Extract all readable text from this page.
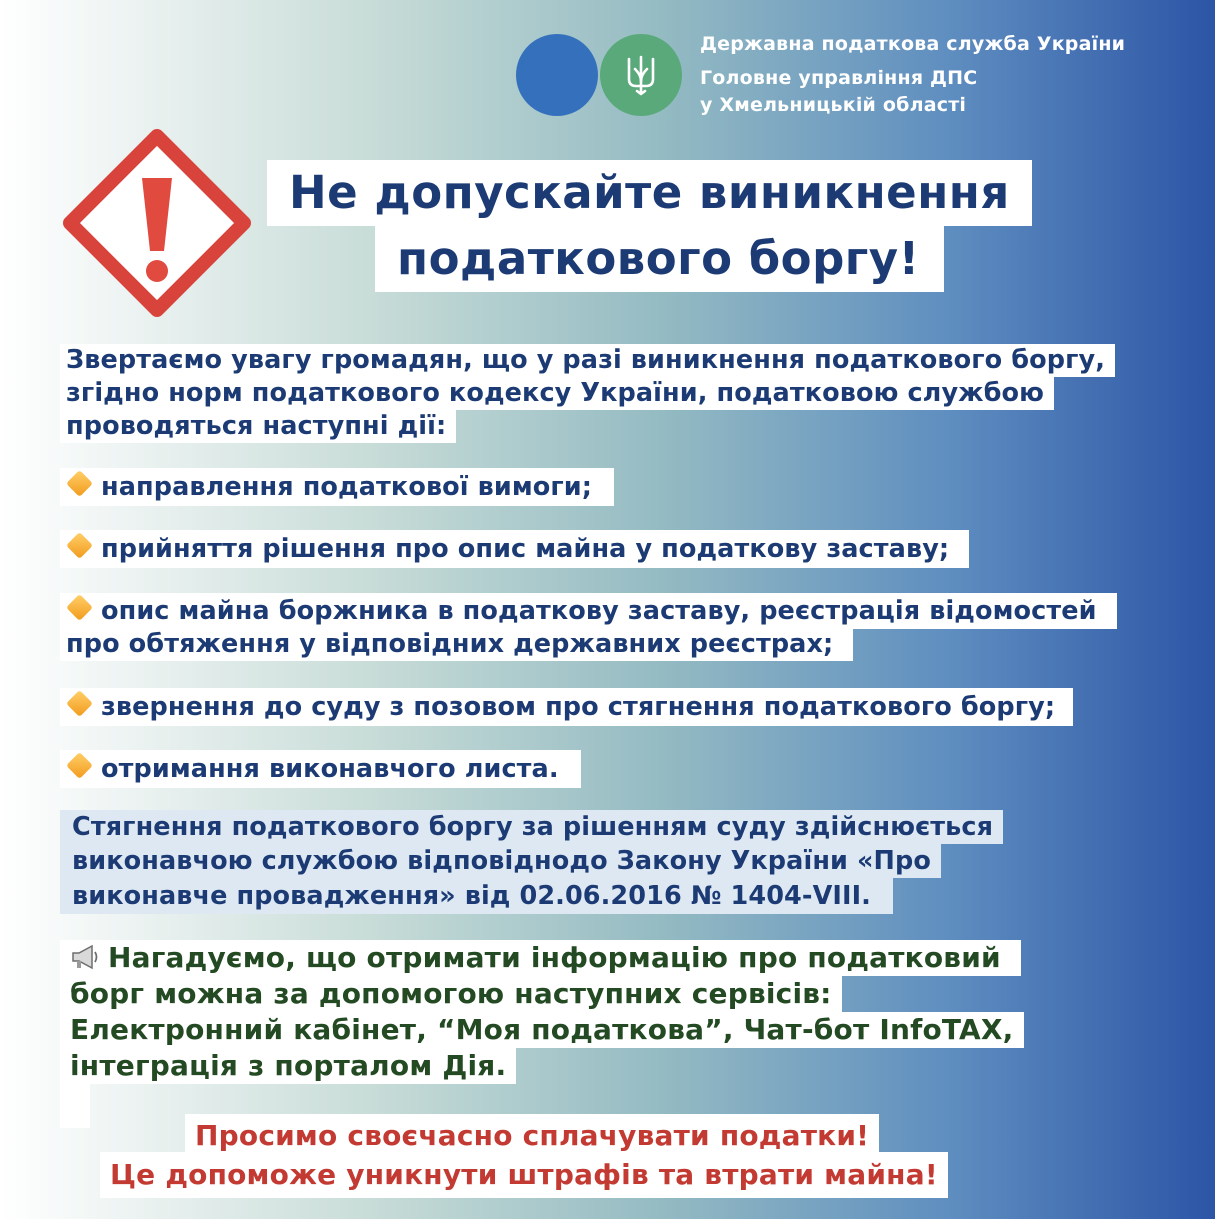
Державна податкова служба України
Головне управління ДПС
у Хмельницькій області
Не допускайте виникнення
податкового боргу!
Звертаємо увагу громадян, що у разі виникнення податкового боргу,
згідно норм податкового кодексу України, податковою службою
проводяться наступні дії:
направлення податкової вимоги;
прийняття рішення про опис майна у податкову заставу;
опис майна боржника в податкову заставу, реєстрація відомостей
про обтяження у відповідних державних реєстрах;
звернення до суду з позовом про стягнення податкового боргу;
отримання виконавчого листа.
Стягнення податкового боргу за рішенням суду здійснюється
виконавчою службою відповіднодо Закону України «Про
виконавче провадження» від 02.06.2016 № 1404-VIII.
Нагадуємо, що отримати інформацію про податковий
борг можна за допомогою наступних сервісів:
Електронний кабінет, “Моя податкова”, Чат-бот InfoTAX,
інтеграція з порталом Дія.
Просимо своєчасно сплачувати податки!
Це допоможе уникнути штрафів та втрати майна!
